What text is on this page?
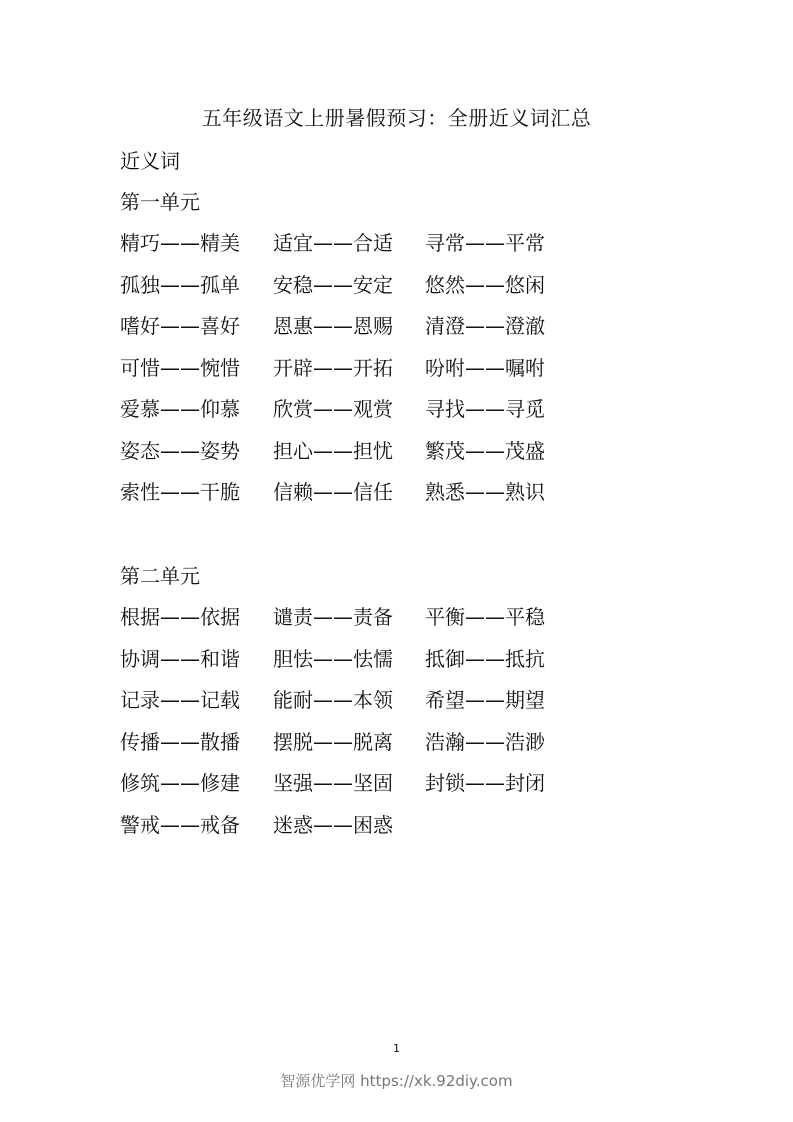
五年级语文上册暑假预习：全册近义词汇总
近义词
第一单元
精巧——精美 适宜——合适 寻常——平常
孤独——孤单 安稳——安定 悠然——悠闲
嗜好——喜好 恩惠——恩赐 清澄——澄澈
可惜——惋惜 开辟——开拓 吩咐——嘱咐
爱慕——仰慕 欣赏——观赏 寻找——寻觅
姿态——姿势 担心——担忧 繁茂——茂盛
索性——干脆 信赖——信任 熟悉——熟识
第二单元
根据——依据 谴责——责备 平衡——平稳
协调——和谐 胆怯——怯懦 抵御——抵抗
记录——记载 能耐——本领 希望——期望
传播——散播 摆脱——脱离 浩瀚——浩渺
修筑——修建 坚强——坚固 封锁——封闭
警戒——戒备 迷惑——困惑
1
智源优学网 https://xk.92diy.com
